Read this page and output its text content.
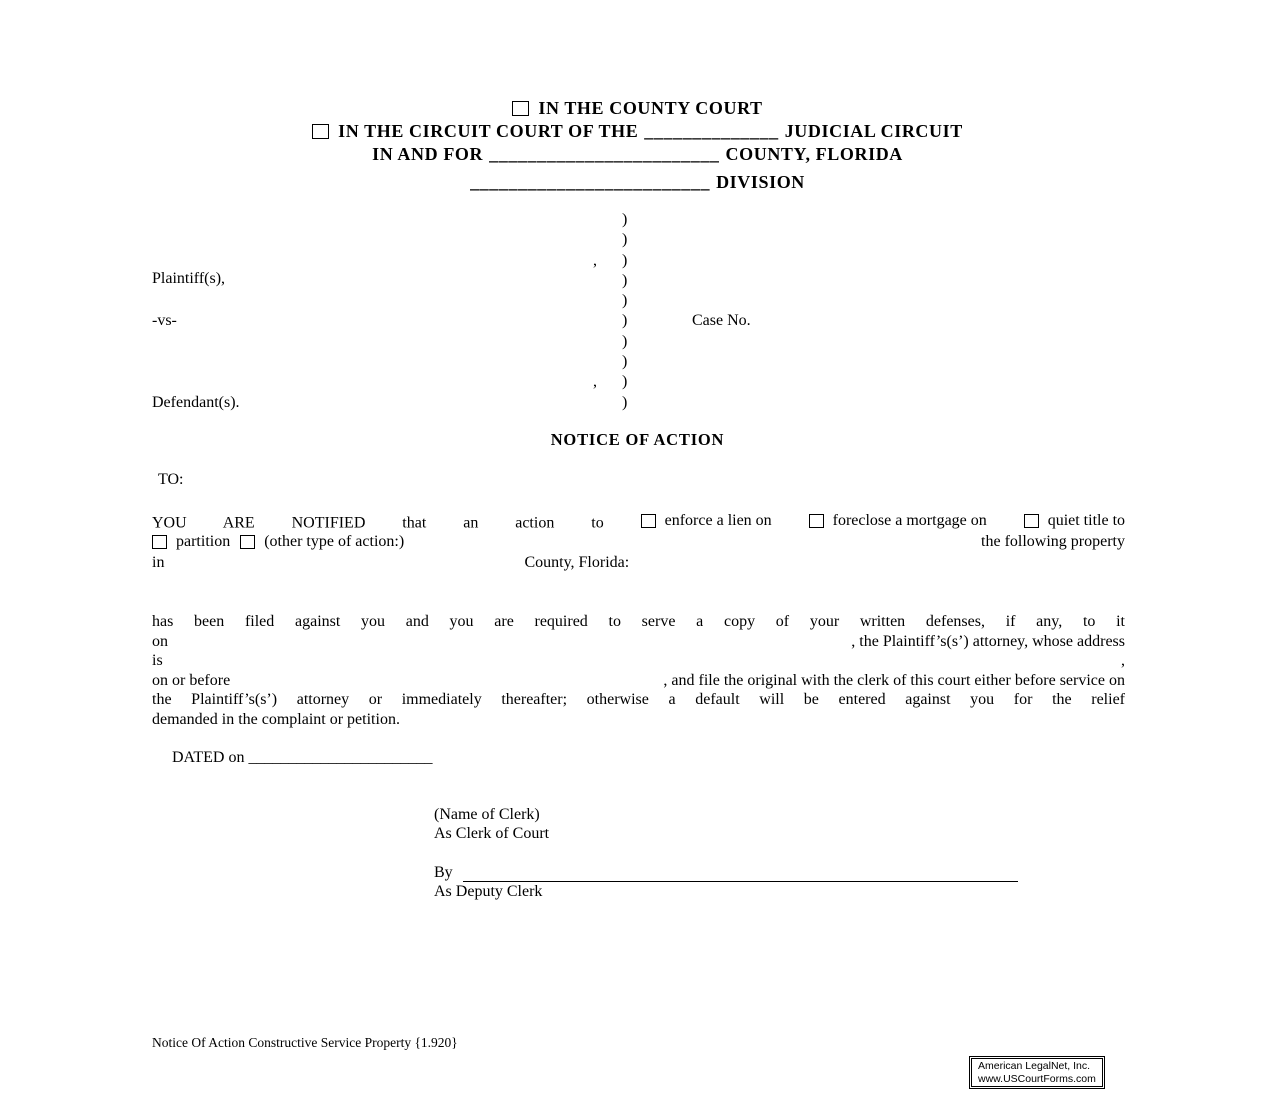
IN THE COUNTY COURT
IN THE CIRCUIT COURT OF THE ______________ JUDICIAL CIRCUIT
IN AND FOR ________________________ COUNTY, FLORIDA
_________________________ DIVISION
Plaintiff(s),
-vs-
Defendant(s).
)
)
, )
)
)
)
)
)
, )
)
Case No.
NOTICE OF ACTION
TO:
YOU ARE NOTIFIED that an action to	enforce a lien on
	foreclose a mortgage on
	quiet title to
partition (other type of action:)	the following property
in	County, Florida:
has been filed against you and you are required to serve a copy of your written defenses, if any, to it
on	, the Plaintiff’s(s’) attorney, whose address
is	,
on or before	, and file the original with the clerk of this court either before service on
the Plaintiff’s(s’) attorney or immediately thereafter; otherwise a default will be entered against you for the relief
demanded in the complaint or petition.
DATED on _______________________
(Name of Clerk)
As Clerk of Court
By
As Deputy Clerk
Notice Of Action Constructive Service Property {1.920}
American LegalNet, Inc.
www.USCourtForms.com
